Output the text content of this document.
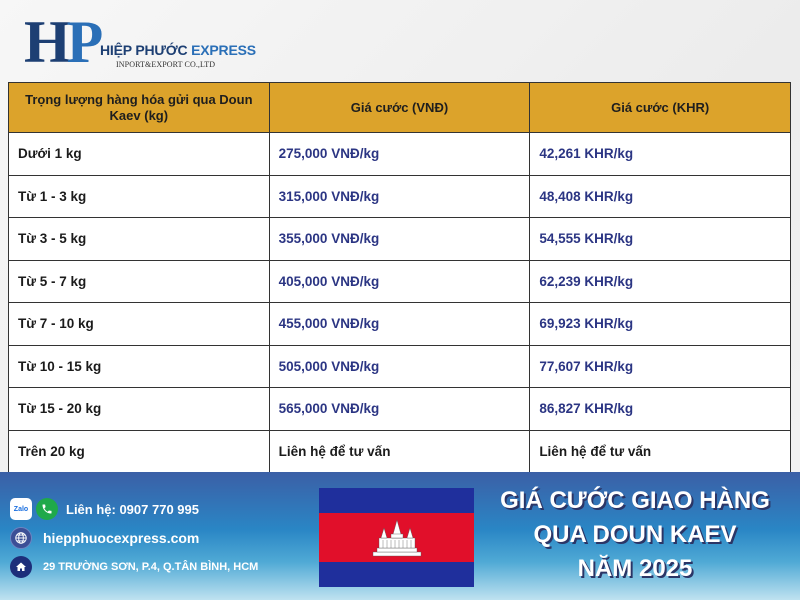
HP HIỆP PHƯỚC EXPRESS
INPORT&EXPORT CO.,LTD
Trọng lượng hàng hóa gửi qua Doun Kaev (kg)	Giá cước (VNĐ)	Giá cước (KHR)
Dưới 1 kg	275,000 VNĐ/kg	42,261 KHR/kg
Từ 1 - 3 kg	315,000 VNĐ/kg	48,408 KHR/kg
Từ 3 - 5 kg	355,000 VNĐ/kg	54,555 KHR/kg
Từ 5 - 7 kg	405,000 VNĐ/kg	62,239 KHR/kg
Từ 7 - 10 kg	455,000 VNĐ/kg	69,923 KHR/kg
Từ 10 - 15 kg	505,000 VNĐ/kg	77,607 KHR/kg
Từ 15 - 20 kg	565,000 VNĐ/kg	86,827 KHR/kg
Trên 20 kg	Liên hệ để tư vấn	Liên hệ để tư vấn
Zalo	Liên hệ: 0907 770 995
hiepphuocexpress.com
29 TRƯỜNG SƠN, P.4, Q.TÂN BÌNH, HCM
GIÁ CƯỚC GIAO HÀNG
QUA DOUN KAEV
NĂM 2025
